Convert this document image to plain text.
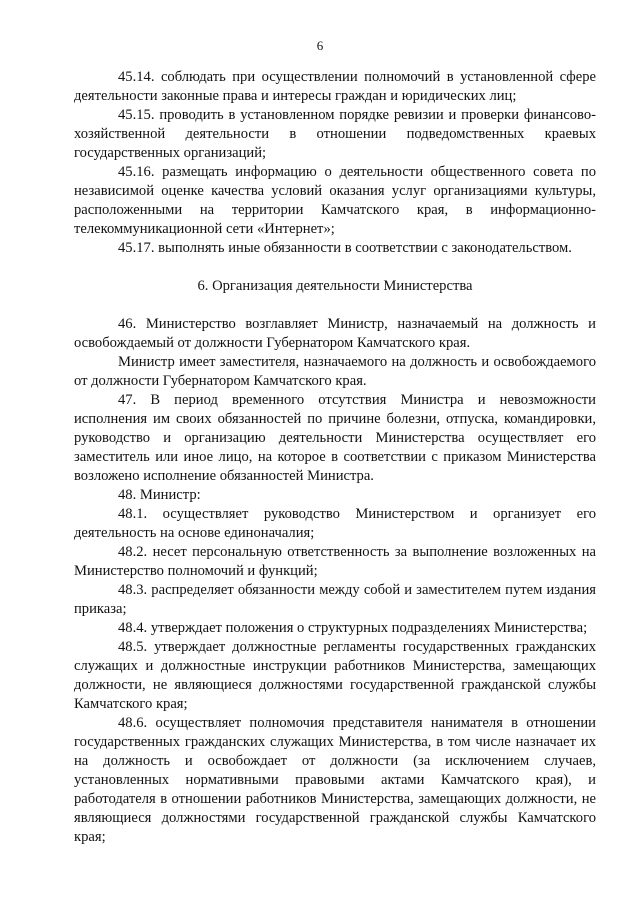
6

45.14. соблюдать при осуществлении полномочий в установленной сфере деятельности законные права и интересы граждан и юридических лиц;

45.15. проводить в установленном порядке ревизии и проверки финансово-хозяйственной деятельности в отношении подведомственных краевых государственных организаций;

45.16. размещать информацию о деятельности общественного совета по независимой оценке качества условий оказания услуг организациями культуры, расположенными на территории Камчатского края, в информационно-телекоммуникационной сети «Интернет»;

45.17. выполнять иные обязанности в соответствии с законодательством.

6. Организация деятельности Министерства

46. Министерство возглавляет Министр, назначаемый на должность и освобождаемый от должности Губернатором Камчатского края.

Министр имеет заместителя, назначаемого на должность и освобождаемого от должности Губернатором Камчатского края.

47. В период временного отсутствия Министра и невозможности исполнения им своих обязанностей по причине болезни, отпуска, командировки, руководство и организацию деятельности Министерства осуществляет его заместитель или иное лицо, на которое в соответствии с приказом Министерства возложено исполнение обязанностей Министра.

48. Министр:

48.1. осуществляет руководство Министерством и организует его деятельность на основе единоначалия;

48.2. несет персональную ответственность за выполнение возложенных на Министерство полномочий и функций;

48.3. распределяет обязанности между собой и заместителем путем издания приказа;

48.4. утверждает положения о структурных подразделениях Министерства;

48.5. утверждает должностные регламенты государственных гражданских служащих и должностные инструкции работников Министерства, замещающих должности, не являющиеся должностями государственной гражданской службы Камчатского края;

48.6. осуществляет полномочия представителя нанимателя в отношении государственных гражданских служащих Министерства, в том числе назначает их на должность и освобождает от должности (за исключением случаев, установленных нормативными правовыми актами Камчатского края), и работодателя в отношении работников Министерства, замещающих должности, не являющиеся должностями государственной гражданской службы Камчатского края;
